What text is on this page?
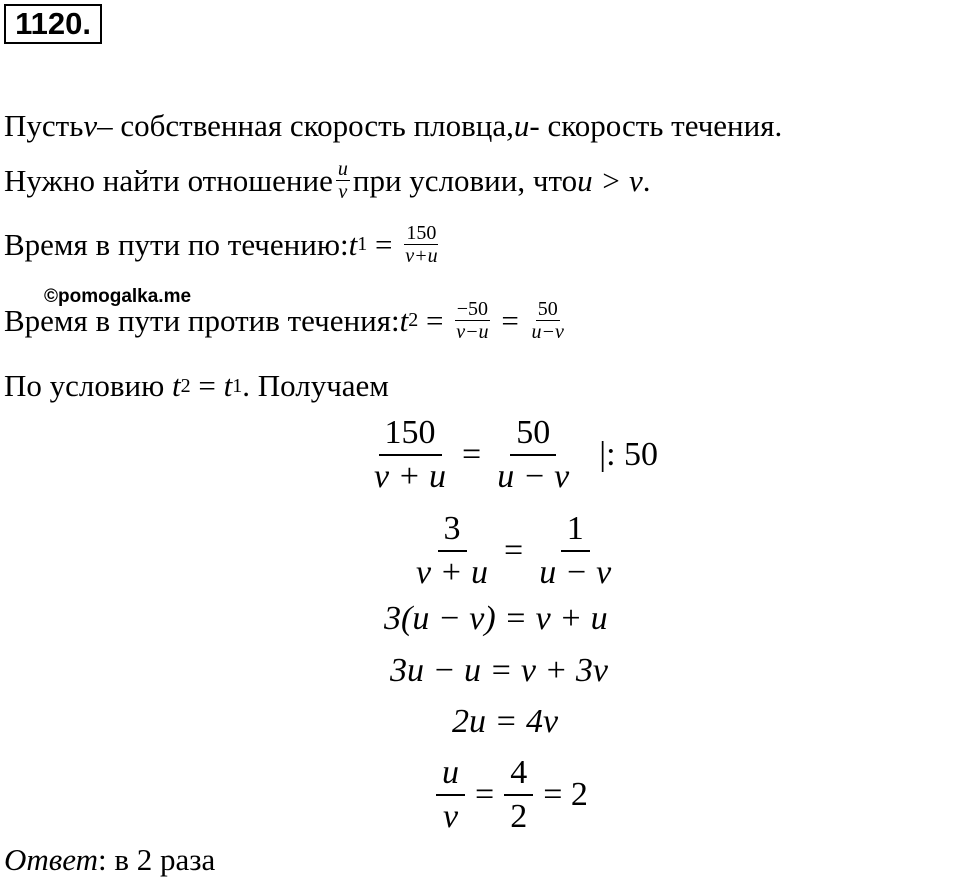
1120.
Пусть v – собственная скорость пловца, u - скорость течения.
Нужно найти отношение $\frac{u}{v}$ при условии, что u > v .
Время в пути по течению: t $1 = \frac{150}{v+u}$
©pomogalka.me
Время в пути против течения: t $2 = \frac{-50}{v-u} = \frac{50}{u-v}$
По условию t 2 = t 1 . Получаем
$\frac{150}{v + u} = \frac{50}{u - v}$ |: 50
$\frac{3}{v + u} = \frac{1}{u - v}$
3(u − v) = v + u
3u − u = v + 3v
2u = 4v
$\frac{u}{v} = \frac{4}{2} = 2$
Ответ : в 2 раза
